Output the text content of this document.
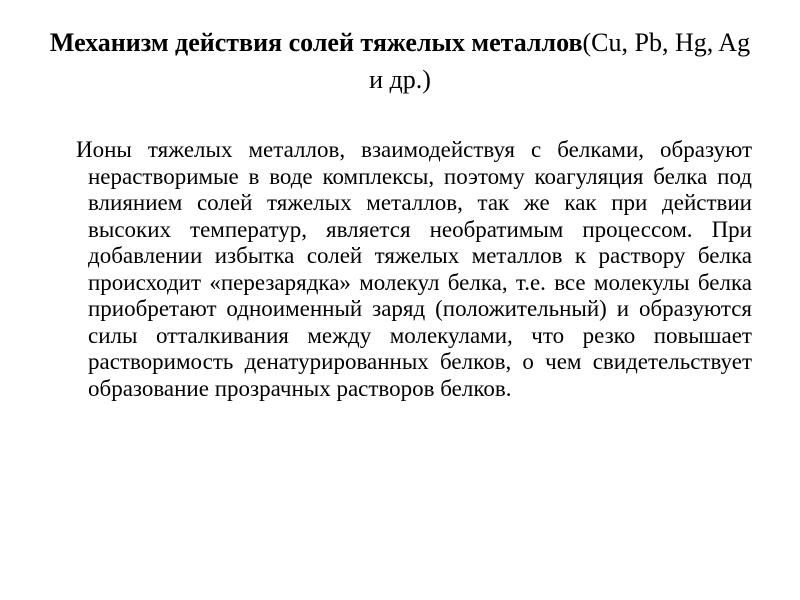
Механизм действия солей тяжелых металлов(Cu, Pb, Hg, Ag и др.)

Ионы тяжелых металлов, взаимодействуя с белками, образуют нерастворимые в воде комплексы, поэтому коагуляция белка под влиянием солей тяжелых металлов, так же как при действии высоких температур, является необратимым процессом. При добавлении избытка солей тяжелых металлов к раствору белка происходит «перезарядка» молекул белка, т.е. все молекулы белка приобретают одноименный заряд (положительный) и образуются силы отталкивания между молекулами, что резко повышает растворимость денатурированных белков, о чем свидетельствует образование прозрачных растворов белков.
